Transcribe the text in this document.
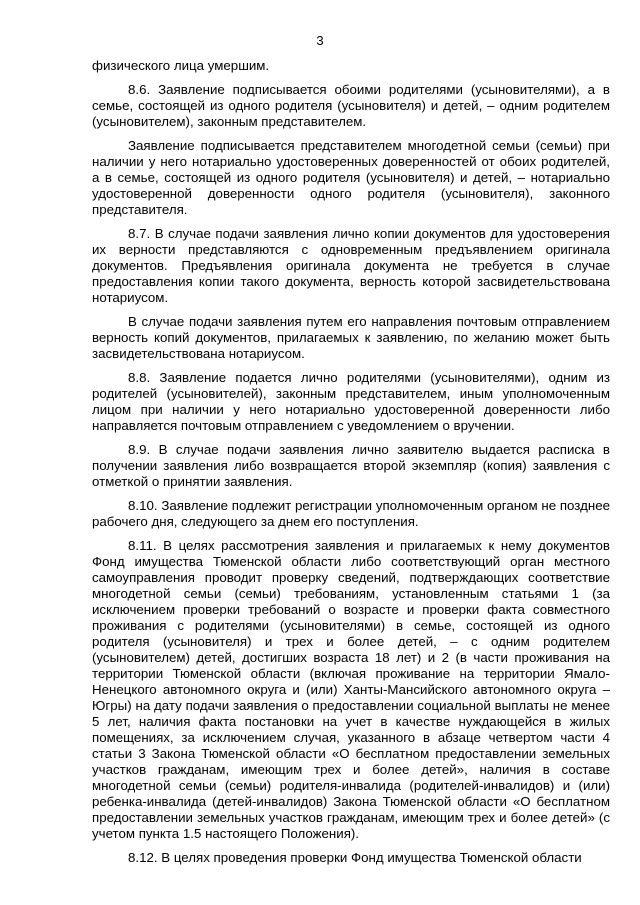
3

физического лица умершим.

8.6. Заявление подписывается обоими родителями (усыновителями), а в семье, состоящей из одного родителя (усыновителя) и детей, – одним родителем (усыновителем), законным представителем.

Заявление подписывается представителем многодетной семьи (семьи) при наличии у него нотариально удостоверенных доверенностей от обоих родителей, а в семье, состоящей из одного родителя (усыновителя) и детей, – нотариально удостоверенной доверенности одного родителя (усыновителя), законного представителя.

8.7. В случае подачи заявления лично копии документов для удостоверения их верности представляются с одновременным предъявлением оригинала документов. Предъявления оригинала документа не требуется в случае предоставления копии такого документа, верность которой засвидетельствована нотариусом.

В случае подачи заявления путем его направления почтовым отправлением верность копий документов, прилагаемых к заявлению, по желанию может быть засвидетельствована нотариусом.

8.8. Заявление подается лично родителями (усыновителями), одним из родителей (усыновителей), законным представителем, иным уполномоченным лицом при наличии у него нотариально удостоверенной доверенности либо направляется почтовым отправлением с уведомлением о вручении.

8.9. В случае подачи заявления лично заявителю выдается расписка в получении заявления либо возвращается второй экземпляр (копия) заявления с отметкой о принятии заявления.

8.10. Заявление подлежит регистрации уполномоченным органом не позднее рабочего дня, следующего за днем его поступления.

8.11. В целях рассмотрения заявления и прилагаемых к нему документов Фонд имущества Тюменской области либо соответствующий орган местного самоуправления проводит проверку сведений, подтверждающих соответствие многодетной семьи (семьи) требованиям, установленным статьями 1 (за исключением проверки требований о возрасте и проверки факта совместного проживания с родителями (усыновителями) в семье, состоящей из одного родителя (усыновителя) и трех и более детей, – с одним родителем (усыновителем) детей, достигших возраста 18 лет) и 2 (в части проживания на территории Тюменской области (включая проживание на территории Ямало-Ненецкого автономного округа и (или) Ханты-Мансийского автономного округа – Югры) на дату подачи заявления о предоставлении социальной выплаты не менее 5 лет, наличия факта постановки на учет в качестве нуждающейся в жилых помещениях, за исключением случая, указанного в абзаце четвертом части 4 статьи 3 Закона Тюменской области «О бесплатном предоставлении земельных участков гражданам, имеющим трех и более детей», наличия в составе многодетной семьи (семьи) родителя-инвалида (родителей-инвалидов) и (или) ребенка-инвалида (детей-инвалидов) Закона Тюменской области «О бесплатном предоставлении земельных участков гражданам, имеющим трех и более детей» (с учетом пункта 1.5 настоящего Положения).

8.12. В целях проведения проверки Фонд имущества Тюменской области
